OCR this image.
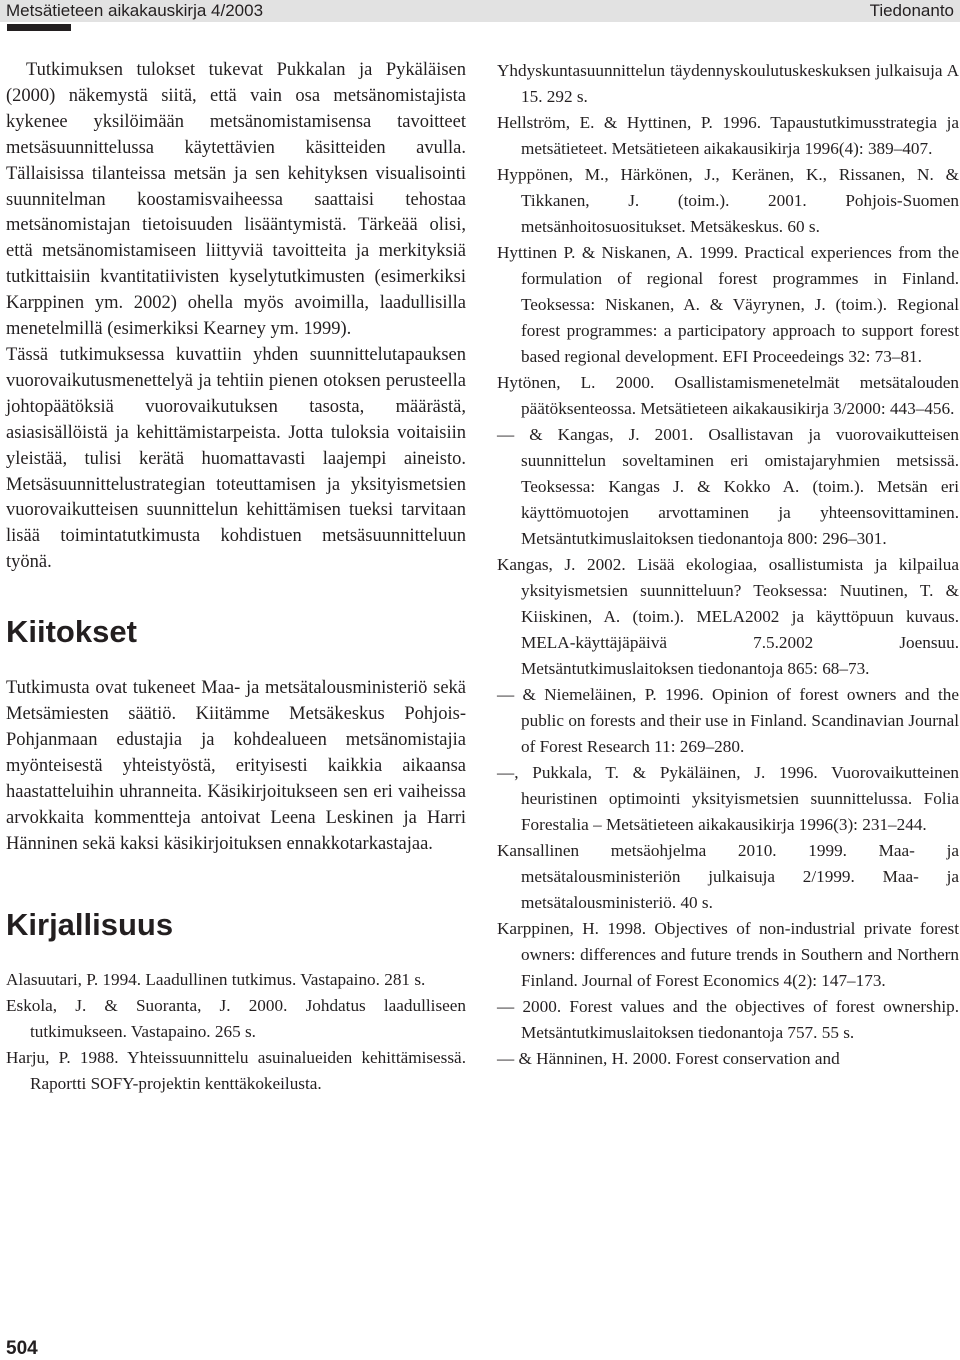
Metsätieteen aikakauskirja 4/2003	Tiedonanto

Tutkimuksen tulokset tukevat Pukkalan ja Pykäläisen (2000) näkemystä siitä, että vain osa metsänomistajista kykenee yksilöimään metsänomistamisensa tavoitteet metsäsuunnittelussa käytettävien käsitteiden avulla. Tällaisissa tilanteissa metsän ja sen kehityksen visualisointi suunnitelman koostamisvaiheessa saattaisi tehostaa metsänomistajan tietoisuuden lisääntymistä. Tärkeää olisi, että metsänomistamiseen liittyviä tavoitteita ja merkityksiä tutkittaisiin kvantitatiivisten kyselytutkimusten (esimerkiksi Karppinen ym. 2002) ohella myös avoimilla, laadullisilla menetelmillä (esimerkiksi Kearney ym. 1999).

Tässä tutkimuksessa kuvattiin yhden suunnittelutapauksen vuorovaikutusmenettelyä ja tehtiin pienen otoksen perusteella johtopäätöksiä vuorovaikutuksen tasosta, määrästä, asiasisällöistä ja kehittämistarpeista. Jotta tuloksia voitaisiin yleistää, tulisi kerätä huomattavasti laajempi aineisto. Metsäsuunnittelustrategian toteuttamisen ja yksityismetsien vuorovaikutteisen suunnittelun kehittämisen tueksi tarvitaan lisää toimintatutkimusta kohdistuen metsäsuunnitteluun työnä.

Kiitokset

Tutkimusta ovat tukeneet Maa- ja metsätalousministeriö sekä Metsämiesten säätiö. Kiitämme Metsäkeskus Pohjois-Pohjanmaan edustajia ja kohdealueen metsänomistajia myönteisestä yhteistyöstä, erityisesti kaikkia aikaansa haastatteluihin uhranneita. Käsikirjoitukseen sen eri vaiheissa arvokkaita kommentteja antoivat Leena Leskinen ja Harri Hänninen sekä kaksi käsikirjoituksen ennakkotarkastajaa.

Kirjallisuus

Alasuutari, P. 1994. Laadullinen tutkimus. Vastapaino. 281 s.

Eskola, J. & Suoranta, J. 2000. Johdatus laadulliseen tutkimukseen. Vastapaino. 265 s.

Harju, P. 1988. Yhteissuunnittelu asuinalueiden kehittämisessä. Raportti SOFY-projektin kenttäkokeilusta.

Yhdyskuntasuunnittelun täydennyskoulutuskeskuksen julkaisuja A 15. 292 s.

Hellström, E. & Hyttinen, P. 1996. Tapaustutkimusstrategia ja metsätieteet. Metsätieteen aikakausikirja 1996(4): 389–407.

Hyppönen, M., Härkönen, J., Keränen, K., Rissanen, N. & Tikkanen, J. (toim.). 2001. Pohjois-Suomen metsänhoitosuositukset. Metsäkeskus. 60 s.

Hyttinen P. & Niskanen, A. 1999. Practical experiences from the formulation of regional forest programmes in Finland. Teoksessa: Niskanen, A. & Väyrynen, J. (toim.). Regional forest programmes: a participatory approach to support forest based regional development. EFI Proceedeings 32: 73–81.

Hytönen, L. 2000. Osallistamismenetelmät metsätalouden päätöksenteossa. Metsätieteen aikakausikirja 3/2000: 443–456.

— & Kangas, J. 2001. Osallistavan ja vuorovaikutteisen suunnittelun soveltaminen eri omistajaryhmien metsissä. Teoksessa: Kangas J. & Kokko A. (toim.). Metsän eri käyttömuotojen arvottaminen ja yhteensovittaminen. Metsäntutkimuslaitoksen tiedonantoja 800: 296–301.

Kangas, J. 2002. Lisää ekologiaa, osallistumista ja kilpailua yksityismetsien suunnitteluun? Teoksessa: Nuutinen, T. & Kiiskinen, A. (toim.). MELA2002 ja käyttöpuun kuvaus. MELA-käyttäjäpäivä 7.5.2002 Joensuu. Metsäntutkimuslaitoksen tiedonantoja 865: 68–73.

— & Niemeläinen, P. 1996. Opinion of forest owners and the public on forests and their use in Finland. Scandinavian Journal of Forest Research 11: 269–280.

—, Pukkala, T. & Pykäläinen, J. 1996. Vuorovaikutteinen heuristinen optimointi yksityismetsien suunnittelussa. Folia Forestalia – Metsätieteen aikakausikirja 1996(3): 231–244.

Kansallinen metsäohjelma 2010. 1999. Maa- ja metsätalousministeriön julkaisuja 2/1999. Maa- ja metsätalousministeriö. 40 s.

Karppinen, H. 1998. Objectives of non-industrial private forest owners: differences and future trends in Southern and Northern Finland. Journal of Forest Economics 4(2): 147–173.

— 2000. Forest values and the objectives of forest ownership. Metsäntutkimuslaitoksen tiedonantoja 757. 55 s.

— & Hänninen, H. 2000. Forest conservation and

504
